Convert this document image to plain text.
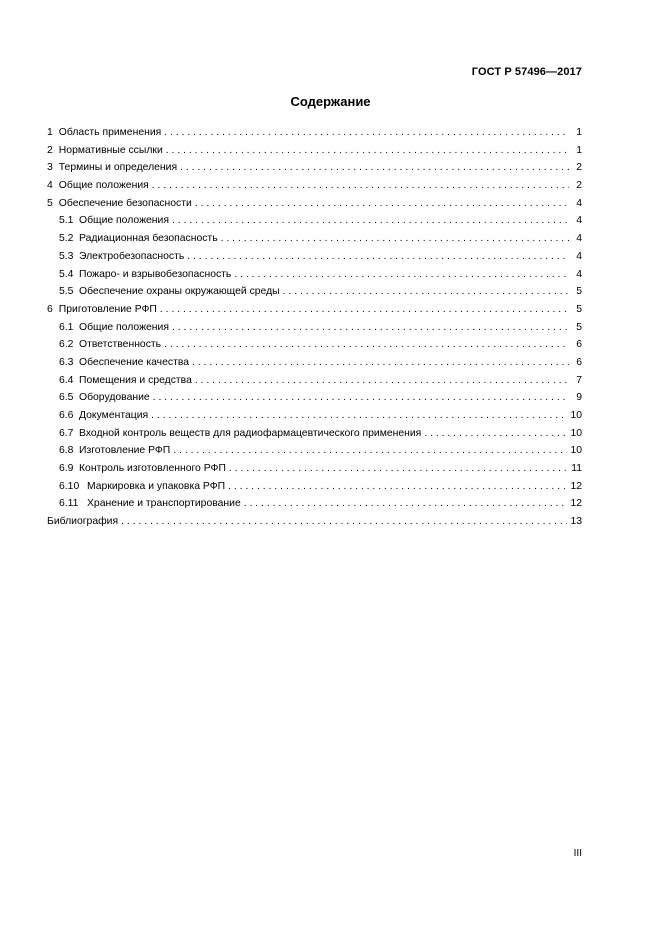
ГОСТ Р 57496—2017
Содержание
1 Область применения . . .	1
2 Нормативные ссылки . . .	1
3 Термины и определения . . .	2
4 Общие положения . . .	2
5 Обеспечение безопасности . . .	4
5.1 Общие положения . . .	4
5.2 Радиационная безопасность . . .	4
5.3 Электробезопасность . . .	4
5.4 Пожаро- и взрывобезопасность . . .	4
5.5 Обеспечение охраны окружающей среды . . .	5
6 Приготовление РФП . . .	5
6.1 Общие положения . . .	5
6.2 Ответственность . . .	6
6.3 Обеспечение качества . . .	6
6.4 Помещения и средства . . .	7
6.5 Оборудование . . .	9
6.6 Документация . . .	10
6.7 Входной контроль веществ для радиофармацевтического применения . . .	10
6.8 Изготовление РФП . . .	10
6.9 Контроль изготовленного РФП . . .	11
6.10 Маркировка и упаковка РФП . . .	12
6.11 Хранение и транспортирование . . .	12
Библиография . . .	13
III
